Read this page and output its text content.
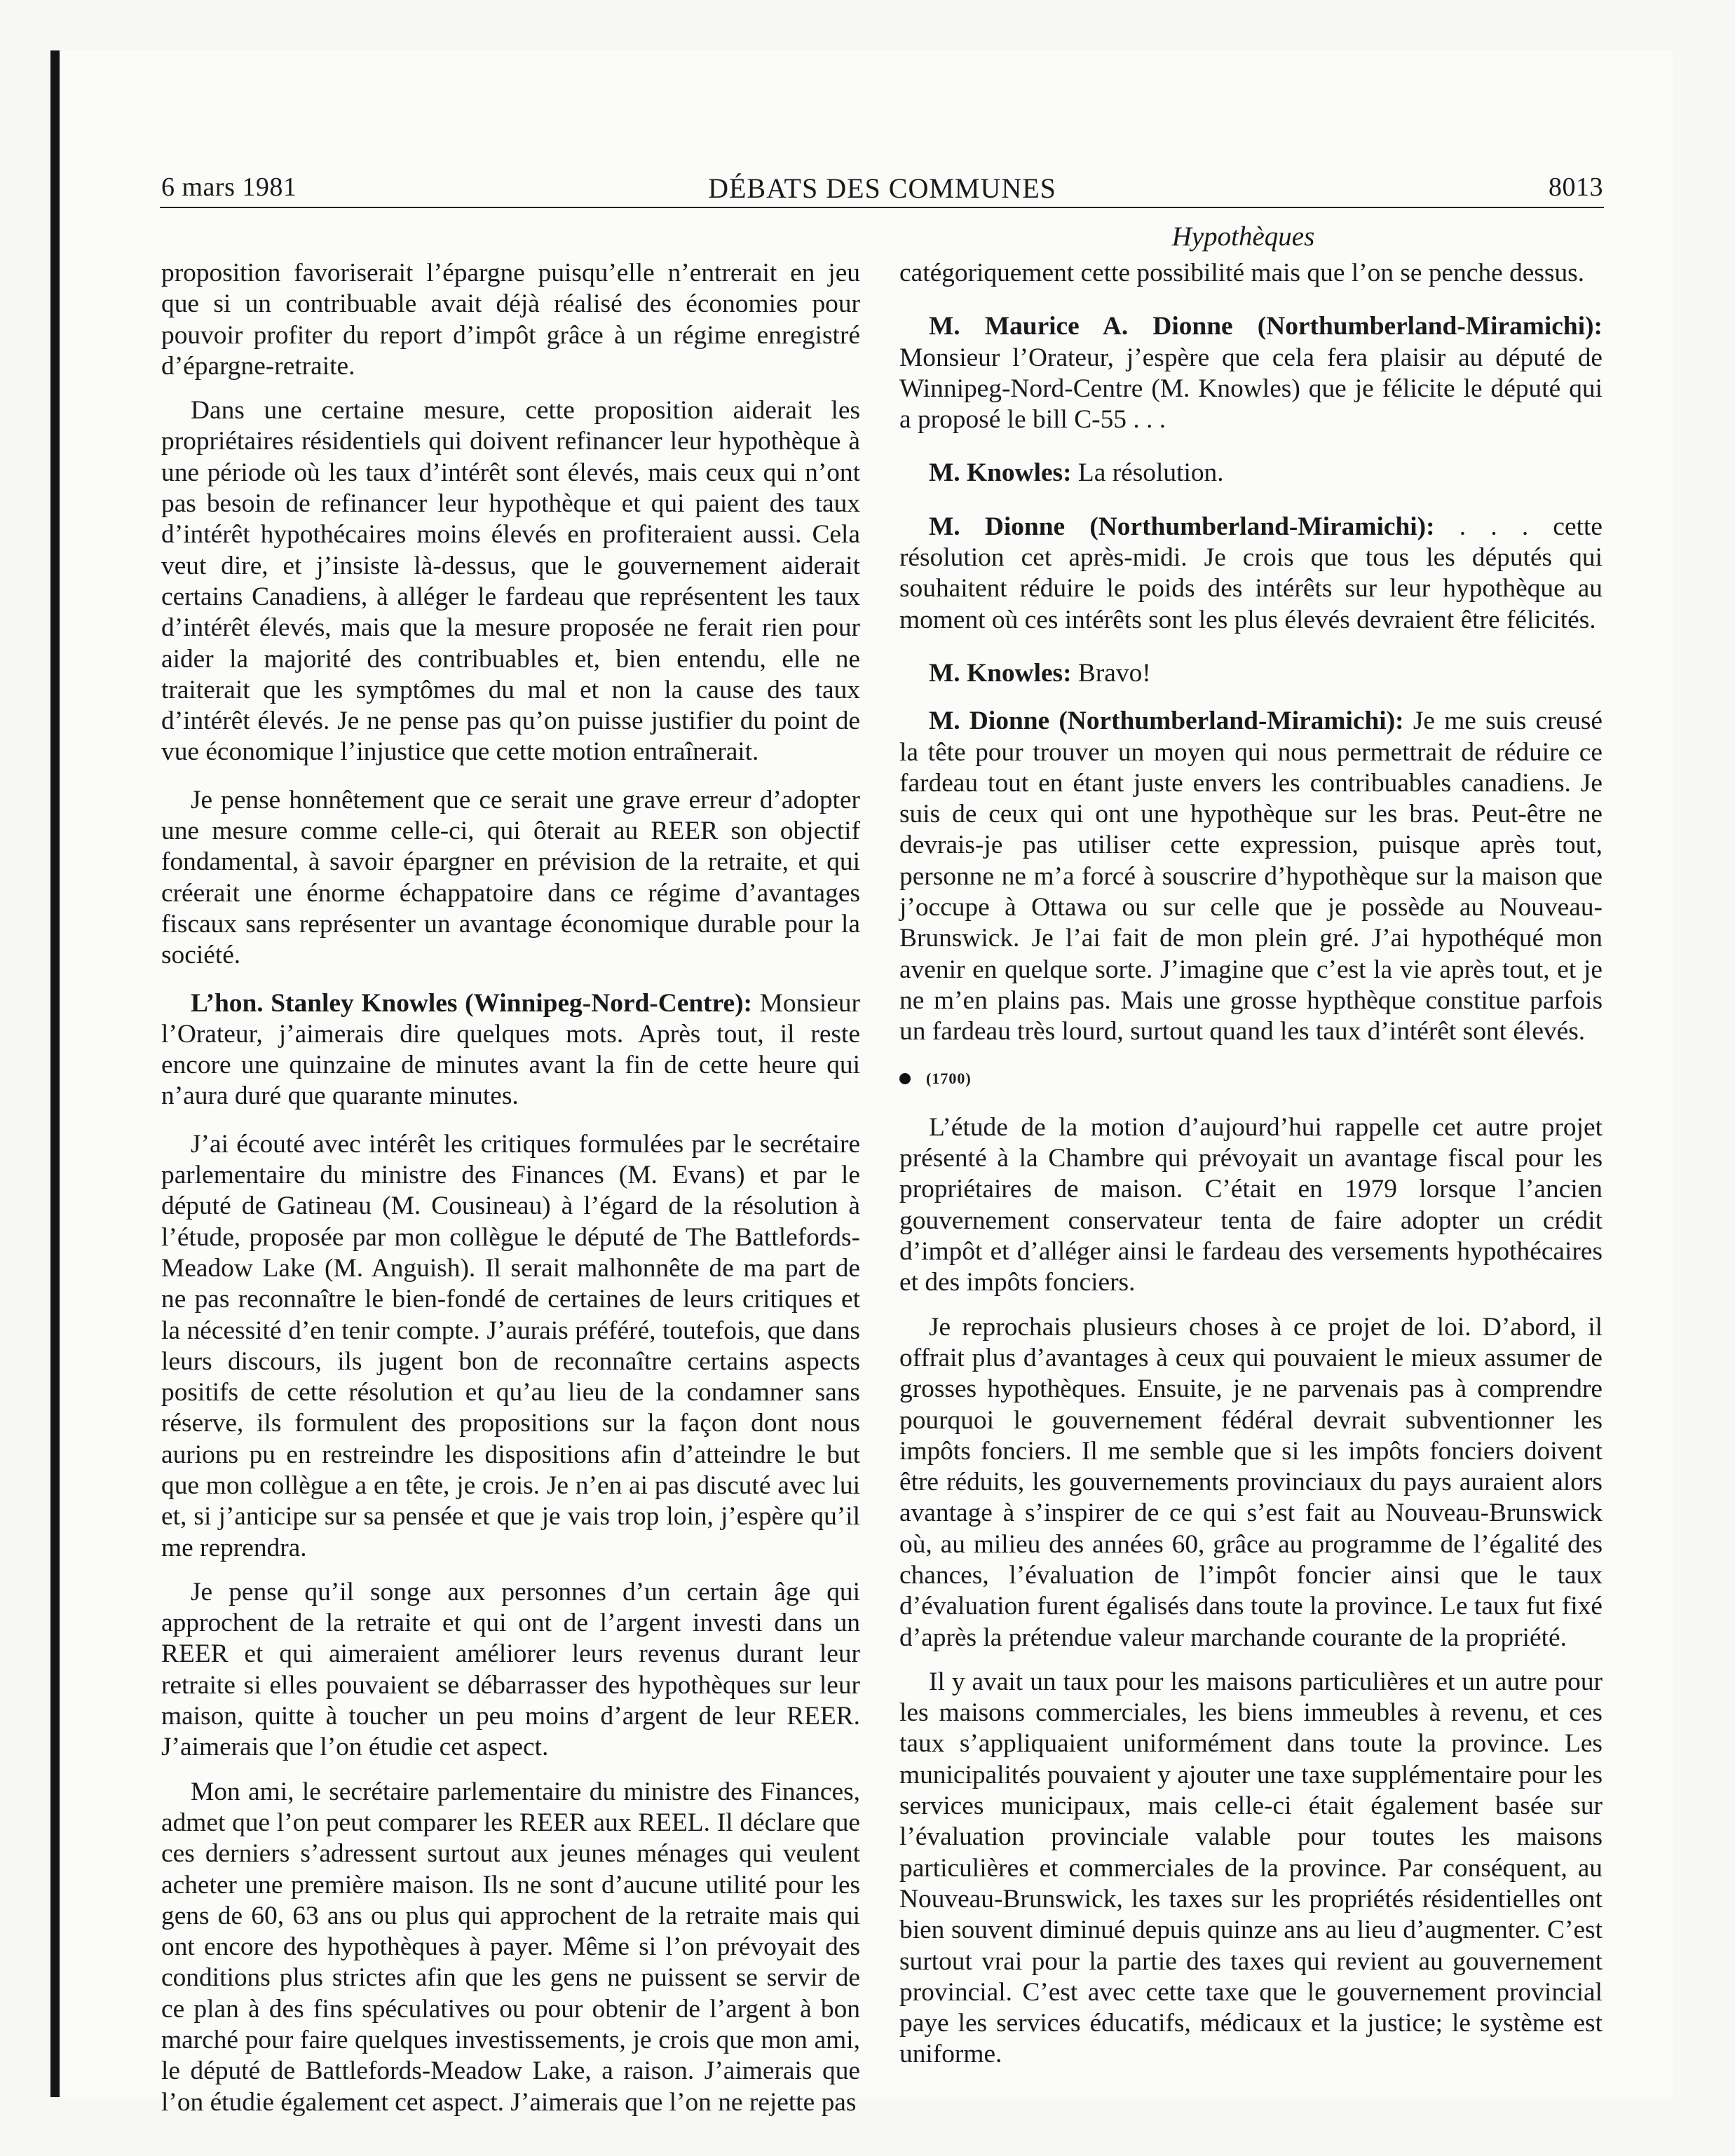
6 mars 1981	DÉBATS DES COMMUNES	8013
Hypothèques

proposition favoriserait l’épargne puisqu’elle n’entrerait en jeu que si un contribuable avait déjà réalisé des économies pour pouvoir profiter du report d’impôt grâce à un régime enregistré d’épargne-retraite.

Dans une certaine mesure, cette proposition aiderait les propriétaires résidentiels qui doivent refinancer leur hypothèque à une période où les taux d’intérêt sont élevés, mais ceux qui n’ont pas besoin de refinancer leur hypothèque et qui paient des taux d’intérêt hypothécaires moins élevés en profiteraient aussi. Cela veut dire, et j’insiste là-dessus, que le gouvernement aiderait certains Canadiens, à alléger le fardeau que représentent les taux d’intérêt élevés, mais que la mesure proposée ne ferait rien pour aider la majorité des contribuables et, bien entendu, elle ne traiterait que les symptômes du mal et non la cause des taux d’intérêt élevés. Je ne pense pas qu’on puisse justifier du point de vue économique l’injustice que cette motion entraînerait.

Je pense honnêtement que ce serait une grave erreur d’adopter une mesure comme celle-ci, qui ôterait au REER son objectif fondamental, à savoir épargner en prévision de la retraite, et qui créerait une énorme échappatoire dans ce régime d’avantages fiscaux sans représenter un avantage économique durable pour la société.

L’hon. Stanley Knowles (Winnipeg-Nord-Centre): Monsieur l’Orateur, j’aimerais dire quelques mots. Après tout, il reste encore une quinzaine de minutes avant la fin de cette heure qui n’aura duré que quarante minutes.

J’ai écouté avec intérêt les critiques formulées par le secrétaire parlementaire du ministre des Finances (M. Evans) et par le député de Gatineau (M. Cousineau) à l’égard de la résolution à l’étude, proposée par mon collègue le député de The Battlefords-Meadow Lake (M. Anguish). Il serait malhonnête de ma part de ne pas reconnaître le bien-fondé de certaines de leurs critiques et la nécessité d’en tenir compte. J’aurais préféré, toutefois, que dans leurs discours, ils jugent bon de reconnaître certains aspects positifs de cette résolution et qu’au lieu de la condamner sans réserve, ils formulent des propositions sur la façon dont nous aurions pu en restreindre les dispositions afin d’atteindre le but que mon collègue a en tête, je crois. Je n’en ai pas discuté avec lui et, si j’anticipe sur sa pensée et que je vais trop loin, j’espère qu’il me reprendra.

Je pense qu’il songe aux personnes d’un certain âge qui approchent de la retraite et qui ont de l’argent investi dans un REER et qui aimeraient améliorer leurs revenus durant leur retraite si elles pouvaient se débarrasser des hypothèques sur leur maison, quitte à toucher un peu moins d’argent de leur REER. J’aimerais que l’on étudie cet aspect.

Mon ami, le secrétaire parlementaire du ministre des Finances, admet que l’on peut comparer les REER aux REEL. Il déclare que ces derniers s’adressent surtout aux jeunes ménages qui veulent acheter une première maison. Ils ne sont d’aucune utilité pour les gens de 60, 63 ans ou plus qui approchent de la retraite mais qui ont encore des hypothèques à payer. Même si l’on prévoyait des conditions plus strictes afin que les gens ne puissent se servir de ce plan à des fins spéculatives ou pour obtenir de l’argent à bon marché pour faire quelques investissements, je crois que mon ami, le député de Battlefords-Meadow Lake, a raison. J’aimerais que l’on étudie également cet aspect. J’aimerais que l’on ne rejette pas

catégoriquement cette possibilité mais que l’on se penche dessus.

M. Maurice A. Dionne (Northumberland-Miramichi): Monsieur l’Orateur, j’espère que cela fera plaisir au député de Winnipeg-Nord-Centre (M. Knowles) que je félicite le député qui a proposé le bill C-55 . . .

M. Knowles: La résolution.

M. Dionne (Northumberland-Miramichi): . . . cette résolution cet après-midi. Je crois que tous les députés qui souhaitent réduire le poids des intérêts sur leur hypothèque au moment où ces intérêts sont les plus élevés devraient être félicités.

M. Knowles: Bravo!

M. Dionne (Northumberland-Miramichi): Je me suis creusé la tête pour trouver un moyen qui nous permettrait de réduire ce fardeau tout en étant juste envers les contribuables canadiens. Je suis de ceux qui ont une hypothèque sur les bras. Peut-être ne devrais-je pas utiliser cette expression, puisque après tout, personne ne m’a forcé à souscrire d’hypothèque sur la maison que j’occupe à Ottawa ou sur celle que je possède au Nouveau-Brunswick. Je l’ai fait de mon plein gré. J’ai hypothéqué mon avenir en quelque sorte. J’imagine que c’est la vie après tout, et je ne m’en plains pas. Mais une grosse hypthèque constitue parfois un fardeau très lourd, surtout quand les taux d’intérêt sont élevés.

(1700)

L’étude de la motion d’aujourd’hui rappelle cet autre projet présenté à la Chambre qui prévoyait un avantage fiscal pour les propriétaires de maison. C’était en 1979 lorsque l’ancien gouvernement conservateur tenta de faire adopter un crédit d’impôt et d’alléger ainsi le fardeau des versements hypothécaires et des impôts fonciers.

Je reprochais plusieurs choses à ce projet de loi. D’abord, il offrait plus d’avantages à ceux qui pouvaient le mieux assumer de grosses hypothèques. Ensuite, je ne parvenais pas à comprendre pourquoi le gouvernement fédéral devrait subventionner les impôts fonciers. Il me semble que si les impôts fonciers doivent être réduits, les gouvernements provinciaux du pays auraient alors avantage à s’inspirer de ce qui s’est fait au Nouveau-Brunswick où, au milieu des années 60, grâce au programme de l’égalité des chances, l’évaluation de l’impôt foncier ainsi que le taux d’évaluation furent égalisés dans toute la province. Le taux fut fixé d’après la prétendue valeur marchande courante de la propriété.

Il y avait un taux pour les maisons particulières et un autre pour les maisons commerciales, les biens immeubles à revenu, et ces taux s’appliquaient uniformément dans toute la province. Les municipalités pouvaient y ajouter une taxe supplémentaire pour les services municipaux, mais celle-ci était également basée sur l’évaluation provinciale valable pour toutes les maisons particulières et commerciales de la province. Par conséquent, au Nouveau-Brunswick, les taxes sur les propriétés résidentielles ont bien souvent diminué depuis quinze ans au lieu d’augmenter. C’est surtout vrai pour la partie des taxes qui revient au gouvernement provincial. C’est avec cette taxe que le gouvernement provincial paye les services éducatifs, médicaux et la justice; le système est uniforme.
